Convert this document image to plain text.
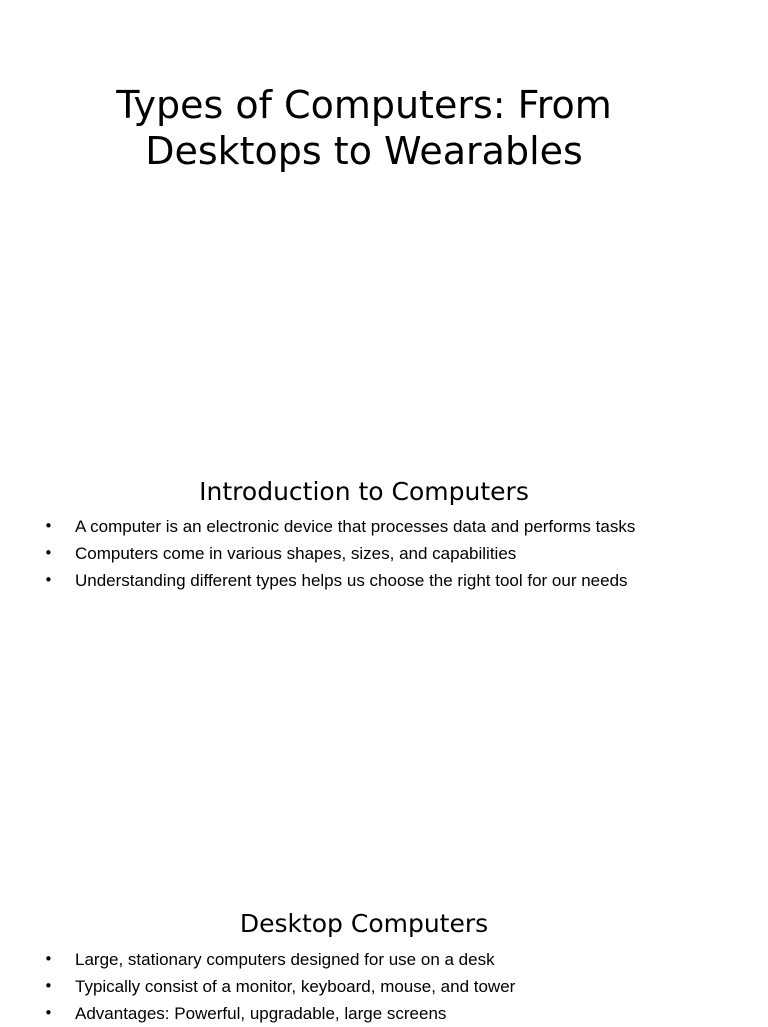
Types of Computers: From
Desktops to Wearables
Introduction to Computers
• A computer is an electronic device that processes data and performs tasks
• Computers come in various shapes, sizes, and capabilities
• Understanding different types helps us choose the right tool for our needs
Desktop Computers
• Large, stationary computers designed for use on a desk
• Typically consist of a monitor, keyboard, mouse, and tower
• Advantages: Powerful, upgradable, large screens
